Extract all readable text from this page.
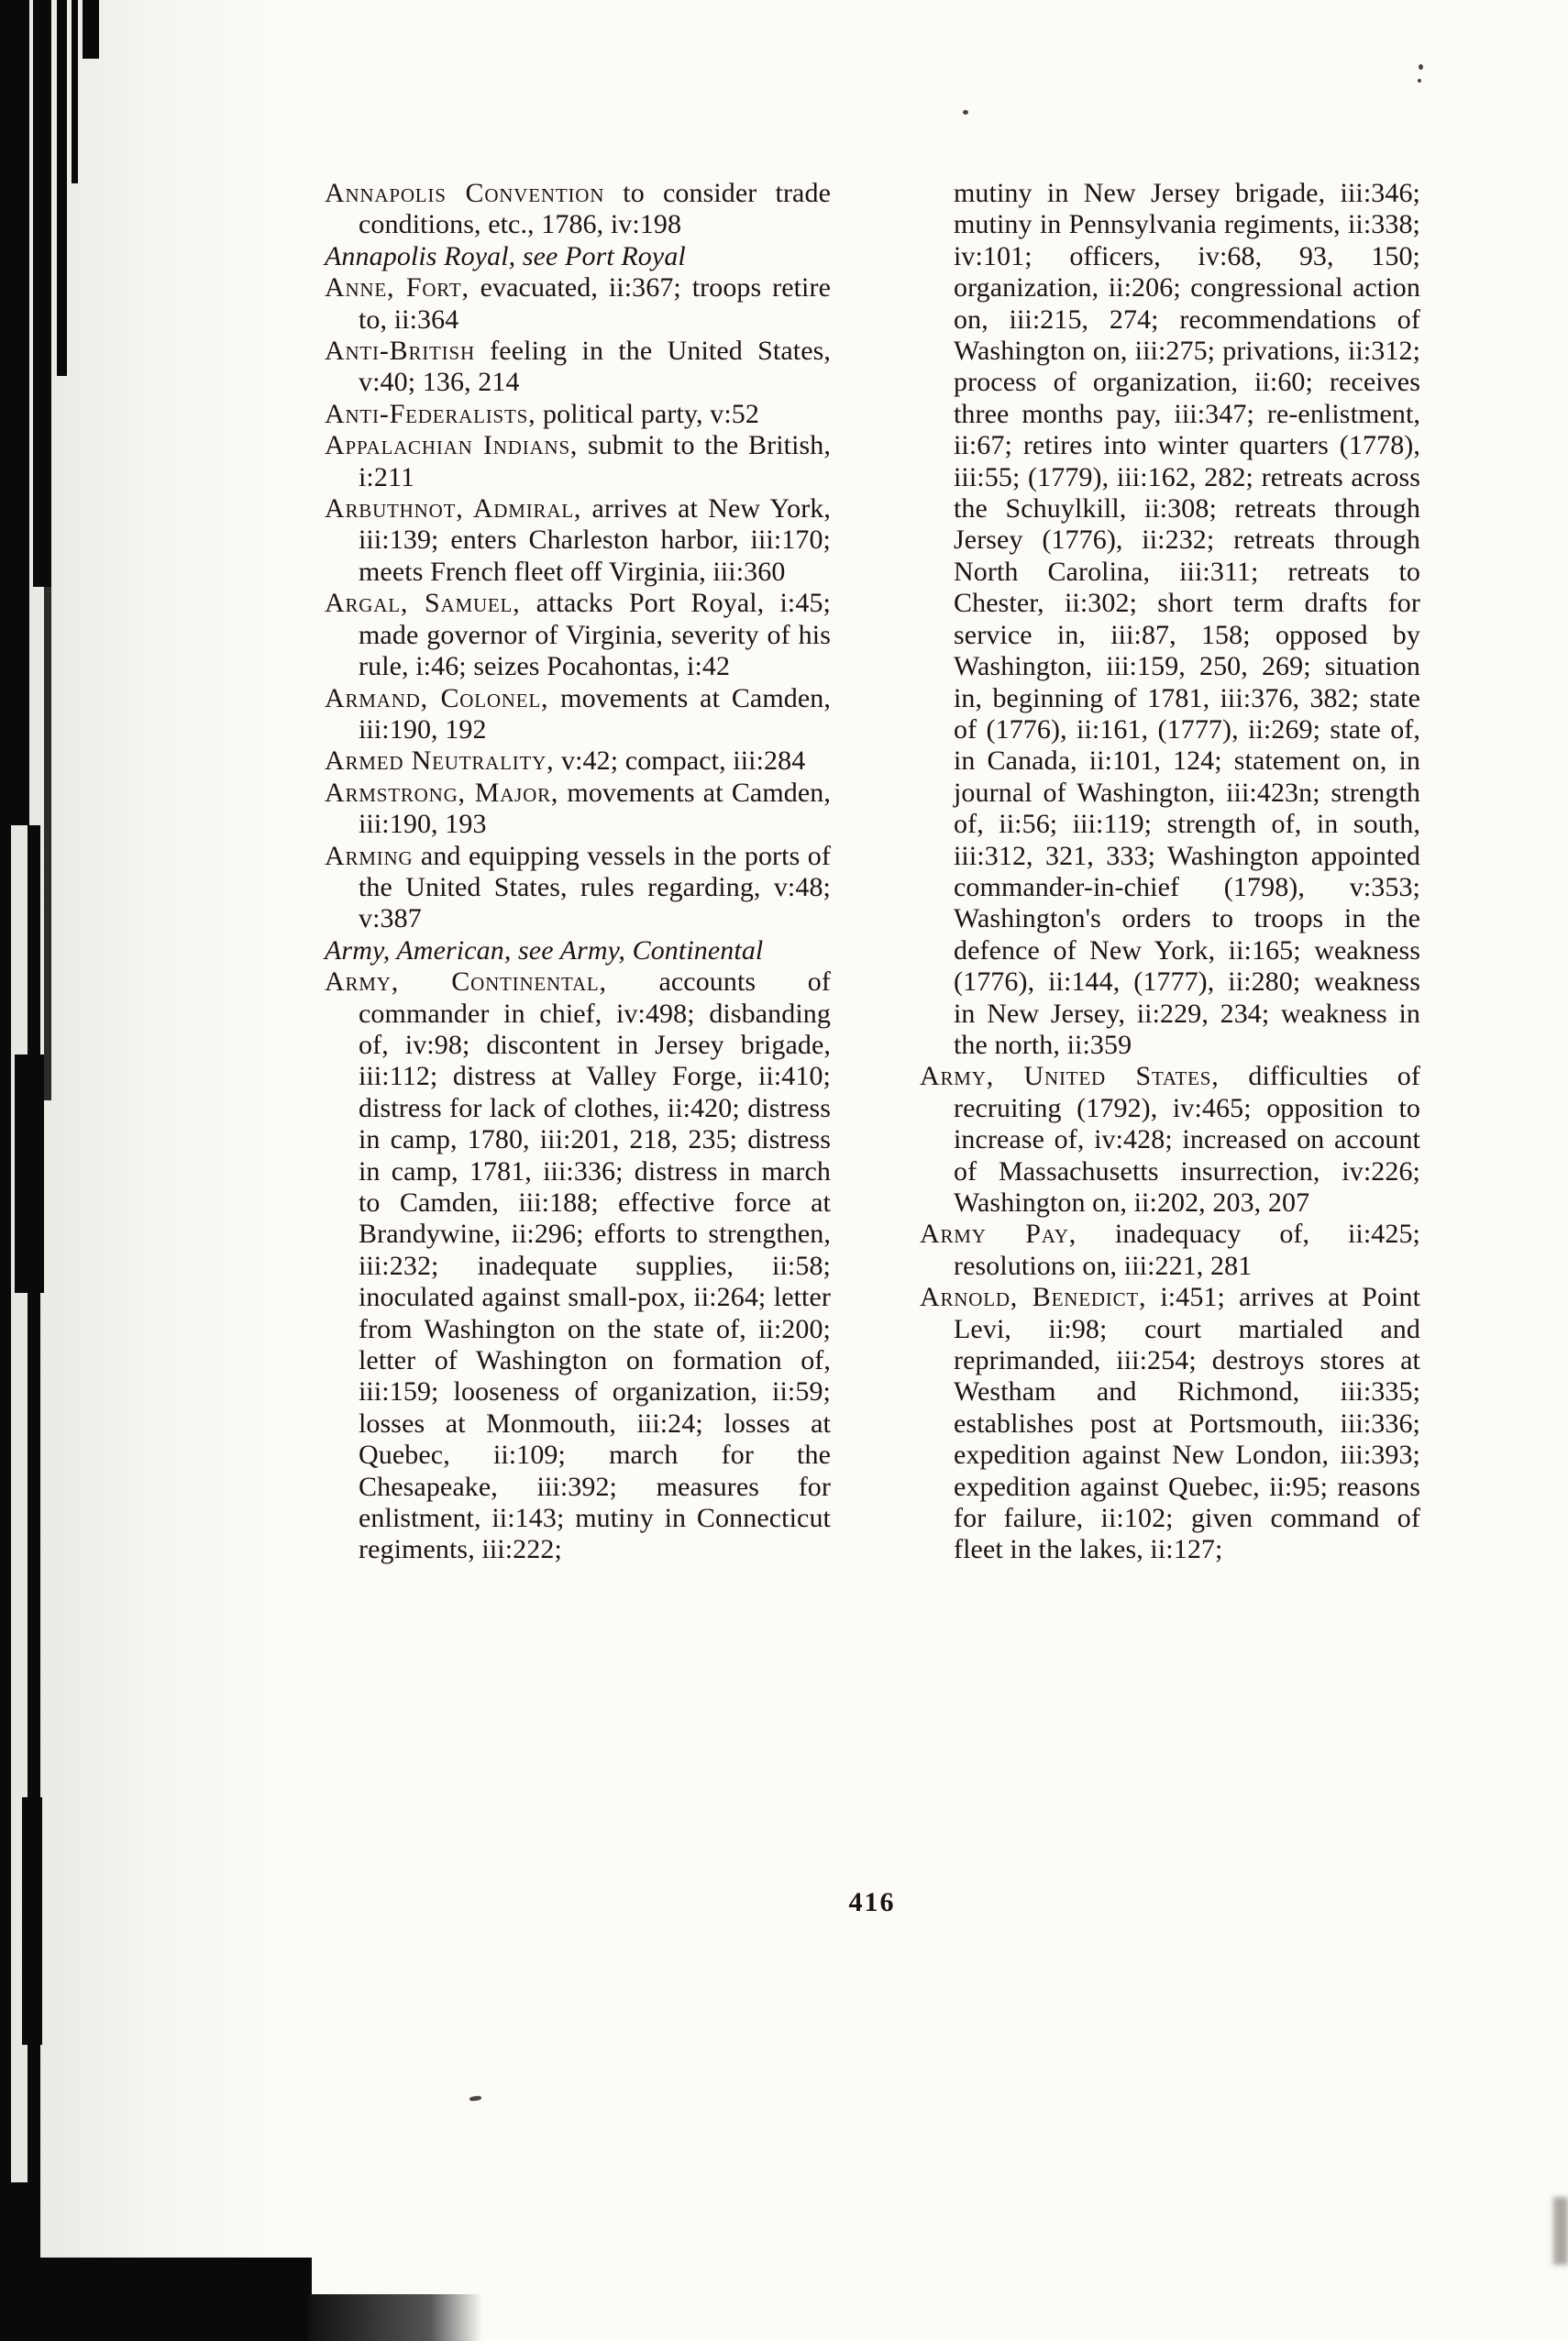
Annapolis Convention to consider trade conditions, etc., 1786, iv:198

Annapolis Royal, see Port Royal

Anne, Fort, evacuated, ii:367; troops retire to, ii:364

Anti-British feeling in the United States, v:40; 136, 214

Anti-Federalists, political party, v:52

Appalachian Indians, submit to the British, i:211

Arbuthnot, Admiral, arrives at New York, iii:139; enters Charleston harbor, iii:170; meets French fleet off Virginia, iii:360

Argal, Samuel, attacks Port Royal, i:45; made governor of Virginia, severity of his rule, i:46; seizes Pocahontas, i:42

Armand, Colonel, movements at Camden, iii:190, 192

Armed Neutrality, v:42; compact, iii:284

Armstrong, Major, movements at Camden, iii:190, 193

Arming and equipping vessels in the ports of the United States, rules regarding, v:48; v:387

Army, American, see Army, Continental

Army, Continental, accounts of commander in chief, iv:498; disbanding of, iv:98; discontent in Jersey brigade, iii:112; distress at Valley Forge, ii:410; distress for lack of clothes, ii:420; distress in camp, 1780, iii:201, 218, 235; distress in camp, 1781, iii:336; distress in march to Camden, iii:188; effective force at Brandywine, ii:296; efforts to strengthen, iii:232; inadequate supplies, ii:58; inoculated against small-pox, ii:264; letter from Washington on the state of, ii:200; letter of Washington on formation of, iii:159; looseness of organization, ii:59; losses at Monmouth, iii:24; losses at Quebec, ii:109; march for the Chesapeake, iii:392; measures for enlistment, ii:143; mutiny in Connecticut regiments, iii:222;

mutiny in New Jersey brigade, iii:346; mutiny in Pennsylvania regiments, ii:338; iv:101; officers, iv:68, 93, 150; organization, ii:206; congressional action on, iii:215, 274; recommendations of Washington on, iii:275; privations, ii:312; process of organization, ii:60; receives three months pay, iii:347; re-enlistment, ii:67; retires into winter quarters (1778), iii:55; (1779), iii:162, 282; retreats across the Schuylkill, ii:308; retreats through Jersey (1776), ii:232; retreats through North Carolina, iii:311; retreats to Chester, ii:302; short term drafts for service in, iii:87, 158; opposed by Washington, iii:159, 250, 269; situation in, beginning of 1781, iii:376, 382; state of (1776), ii:161, (1777), ii:269; state of, in Canada, ii:101, 124; statement on, in journal of Washington, iii:423n; strength of, ii:56; iii:119; strength of, in south, iii:312, 321, 333; Washington appointed commander-in-chief (1798), v:353; Washington's orders to troops in the defence of New York, ii:165; weakness (1776), ii:144, (1777), ii:280; weakness in New Jersey, ii:229, 234; weakness in the north, ii:359

Army, United States, difficulties of recruiting (1792), iv:465; opposition to increase of, iv:428; increased on account of Massachusetts insurrection, iv:226; Washington on, ii:202, 203, 207

Army Pay, inadequacy of, ii:425; resolutions on, iii:221, 281

Arnold, Benedict, i:451; arrives at Point Levi, ii:98; court martialed and reprimanded, iii:254; destroys stores at Westham and Richmond, iii:335; establishes post at Portsmouth, iii:336; expedition against New London, iii:393; expedition against Quebec, ii:95; reasons for failure, ii:102; given command of fleet in the lakes, ii:127;

416
